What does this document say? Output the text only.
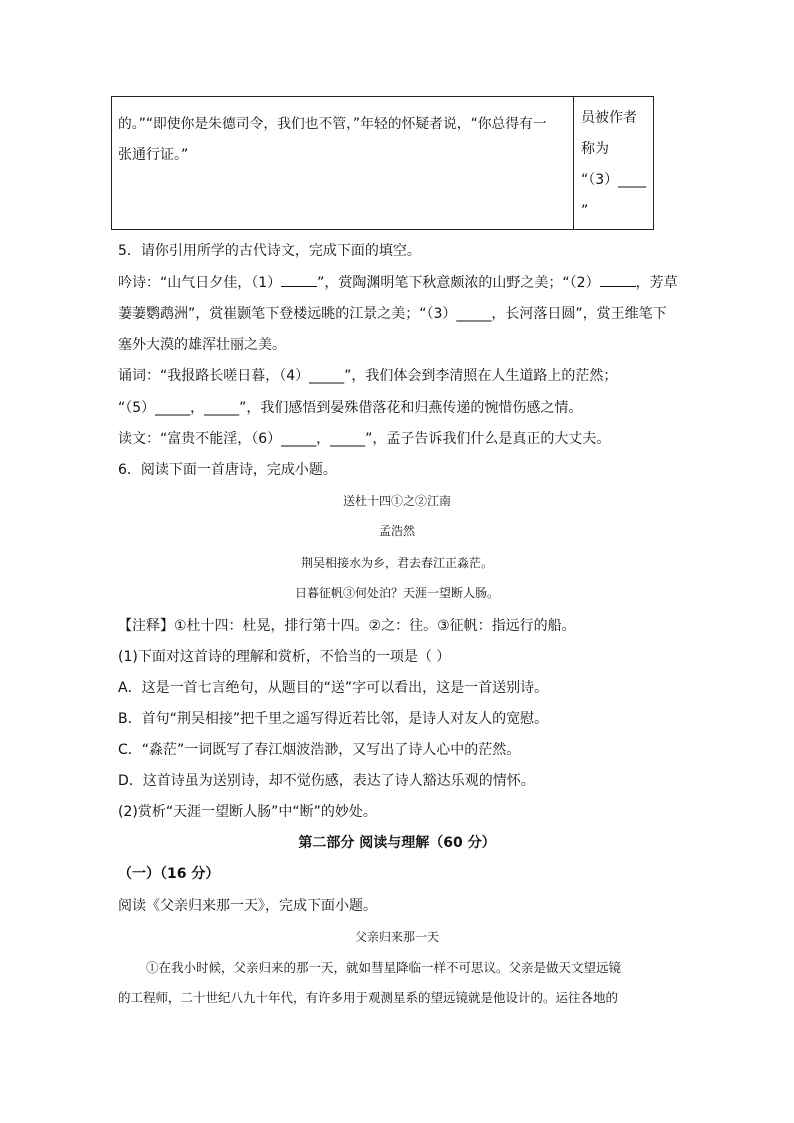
的。”“即使你是朱德司令，我们也不管，”年轻的怀疑者说，“你总得有一
张通行证。”
员被作者
称为
“（3）____
”
5．请你引用所学的古代诗文，完成下面的填空。
吟诗：“山气日夕佳，（1）	”，赏陶渊明笔下秋意颇浓的山野之美；“（2）	，芳草
萋萋鹦鹉洲”，赏崔颢笔下登楼远眺的江景之美；“（3）_____，长河落日圆”，赏王维笔下
塞外大漠的雄浑壮丽之美。
诵词：“我报路长嗟日暮，（4）_____”，我们体会到李清照在人生道路上的茫然；
“（5）_____，_____”，我们感悟到晏殊借落花和归燕传递的惋惜伤感之情。
读文：“富贵不能淫，（6）_____，_____”，孟子告诉我们什么是真正的大丈夫。
6．阅读下面一首唐诗，完成小题。
送杜十四①之②江南
孟浩然
荆吴相接水为乡，君去春江正淼茫。
日暮征帆③何处泊？天涯一望断人肠。
【注释】①杜十四：杜晃，排行第十四。②之：往。③征帆：指远行的船。
(1)下面对这首诗的理解和赏析，不恰当的一项是（ ）
A．这是一首七言绝句，从题目的“送”字可以看出，这是一首送别诗。
B．首句“荆吴相接”把千里之遥写得近若比邻，是诗人对友人的宽慰。
C．“淼茫”一词既写了春江烟波浩渺，又写出了诗人心中的茫然。
D．这首诗虽为送别诗，却不觉伤感，表达了诗人豁达乐观的情怀。
(2)赏析“天涯一望断人肠”中“断”的妙处。
第二部分 阅读与理解（60 分）
（一）（16 分）
阅读《父亲归来那一天》，完成下面小题。
父亲归来那一天
①在我小时候，父亲归来的那一天，就如彗星降临一样不可思议。父亲是做天文望远镜
的工程师，二十世纪八九十年代，有许多用于观测星系的望远镜就是他设计的。运往各地的
